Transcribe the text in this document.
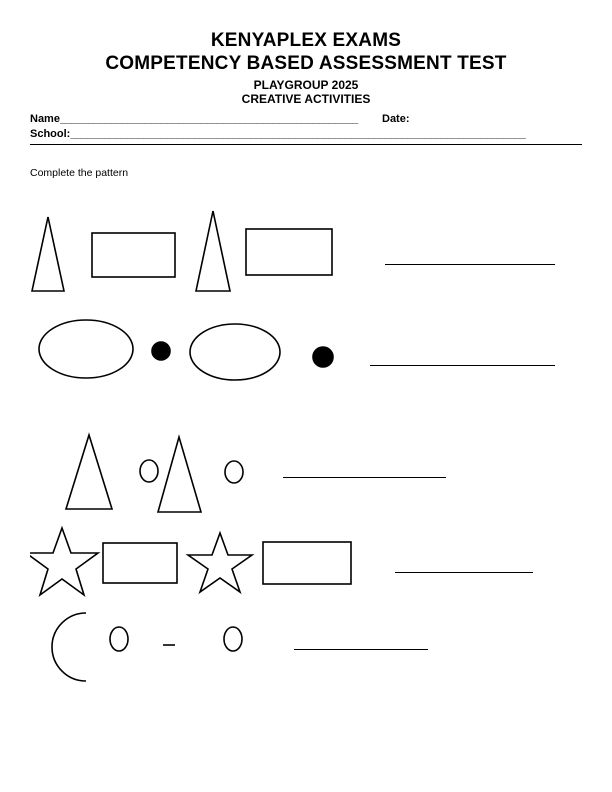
KENYAPLEX EXAMS
COMPETENCY BASED ASSESSMENT TEST
PLAYGROUP 2025
CREATIVE ACTIVITIES
Name_____________________________________________________ Date:
School:_________________________________________________________________________________
Complete the pattern
